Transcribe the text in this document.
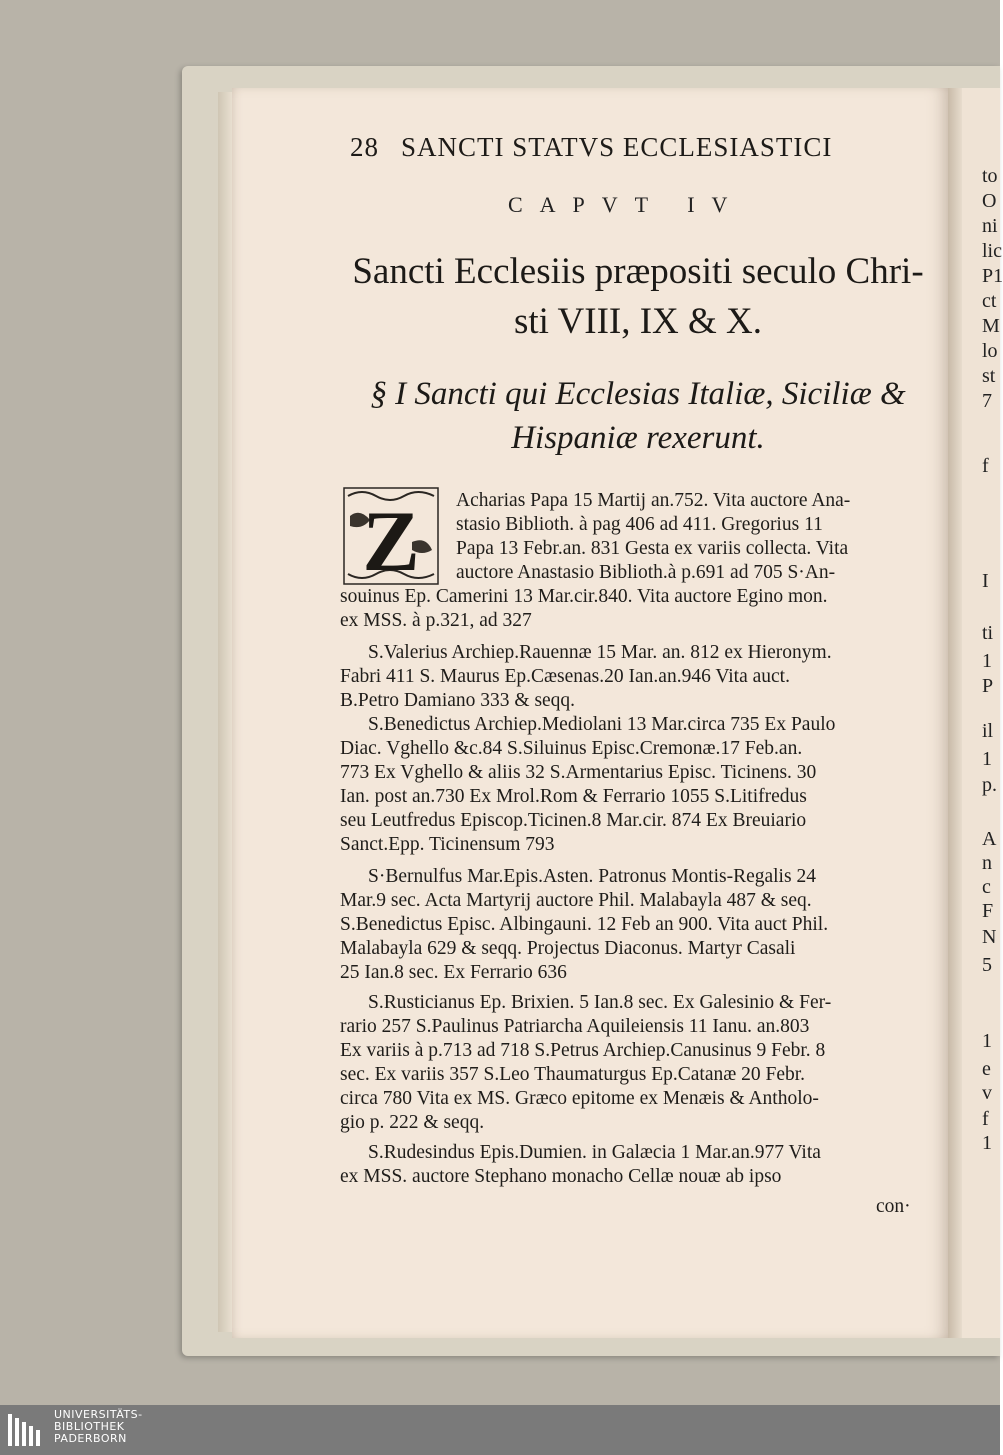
28 SANCTI STATVS ECCLESIASTICI
CAPVT IV
Sancti Ecclesiis præpositi seculo Chri-
sti VIII, IX & X.
§ I Sancti qui Ecclesias Italiæ, Siciliæ &
Hispaniæ rexerunt.
Z Acharias Papa 15 Martij an.752. Vita auctore Ana-
stasio Biblioth. à pag 406 ad 411. Gregorius 11
Papa 13 Febr.an. 831 Gesta ex variis collecta. Vita
auctore Anastasio Biblioth.à p.691 ad 705 S·An-
souinus Ep. Camerini 13 Mar.cir.840. Vita auctore Egino mon.
ex MSS. à p.321, ad 327
S.Valerius Archiep.Rauennæ 15 Mar. an. 812 ex Hieronym.
Fabri 411 S. Maurus Ep.Cæsenas.20 Ian.an.946 Vita auct.
B.Petro Damiano 333 & seqq.
S.Benedictus Archiep.Mediolani 13 Mar.circa 735 Ex Paulo
Diac. Vghello &c.84 S.Siluinus Episc.Cremonæ.17 Feb.an.
773 Ex Vghello & aliis 32 S.Armentarius Episc. Ticinens. 30
Ian. post an.730 Ex Mrol.Rom & Ferrario 1055 S.Litifredus
seu Leutfredus Episcop.Ticinen.8 Mar.cir. 874 Ex Breuiario
Sanct.Epp. Ticinensum 793
S·Bernulfus Mar.Epis.Asten. Patronus Montis-Regalis 24
Mar.9 sec. Acta Martyrij auctore Phil. Malabayla 487 & seq.
S.Benedictus Episc. Albingauni. 12 Feb an 900. Vita auct Phil.
Malabayla 629 & seqq. Projectus Diaconus. Martyr Casali
25 Ian.8 sec. Ex Ferrario 636
S.Rusticianus Ep. Brixien. 5 Ian.8 sec. Ex Galesinio & Fer-
rario 257 S.Paulinus Patriarcha Aquileiensis 11 Ianu. an.803
Ex variis à p.713 ad 718 S.Petrus Archiep.Canusinus 9 Febr. 8
sec. Ex variis 357 S.Leo Thaumaturgus Ep.Catanæ 20 Febr.
circa 780 Vita ex MS. Græco epitome ex Menæis & Antholo-
gio p. 222 & seqq.
S.Rudesindus Epis.Dumien. in Galæcia 1 Mar.an.977 Vita
ex MSS. auctore Stephano monacho Cellæ nouæ ab ipso
con·
to
O
ni
lic
P1
ct
M
lo
st
7
f
I
ti
1
P
il
1
p.
A
n
c
F
N
5
1
e
v
f
1
UNIVERSITÄTS-
BIBLIOTHEK
PADERBORN
